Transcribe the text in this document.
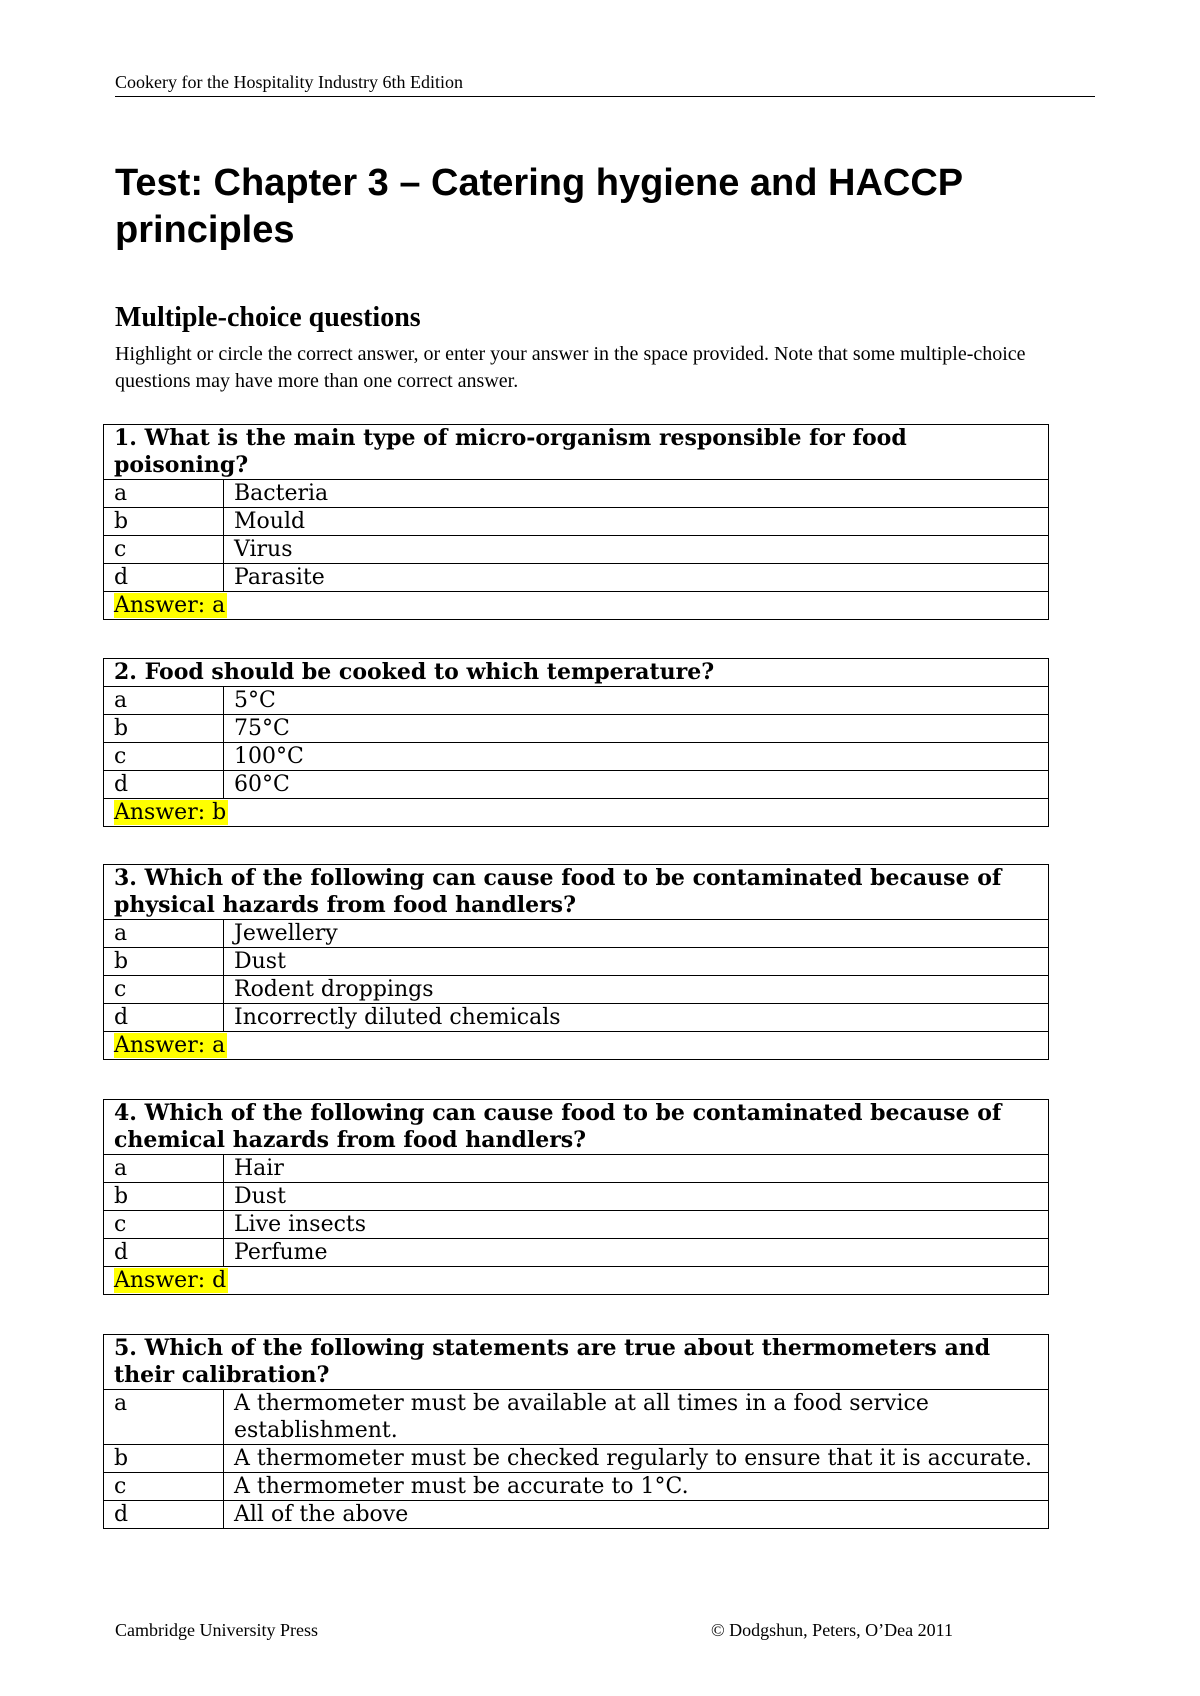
Cookery for the Hospitality Industry 6th Edition
Test: Chapter 3 – Catering hygiene and HACCP principles
Multiple-choice questions
Highlight or circle the correct answer, or enter your answer in the space provided. Note that some multiple-choice questions may have more than one correct answer.
1. What is the main type of micro-organism responsible for food poisoning?	
a	Bacteria
b	Mould
c	Virus
d	Parasite
Answer: a	
2. Food should be cooked to which temperature?	
a	5°C
b	75°C
c	100°C
d	60°C
Answer: b	
3. Which of the following can cause food to be contaminated because of physical hazards from food handlers?	
a	Jewellery
b	Dust
c	Rodent droppings
d	Incorrectly diluted chemicals
Answer: a	
4. Which of the following can cause food to be contaminated because of chemical hazards from food handlers?	
a	Hair
b	Dust
c	Live insects
d	Perfume
Answer: d	
5. Which of the following statements are true about thermometers and their calibration?	
a	A thermometer must be available at all times in a food service establishment.
b	A thermometer must be checked regularly to ensure that it is accurate.
c	A thermometer must be accurate to 1°C.
d	All of the above
Cambridge University Press	© Dodgshun, Peters, O’Dea 2011
